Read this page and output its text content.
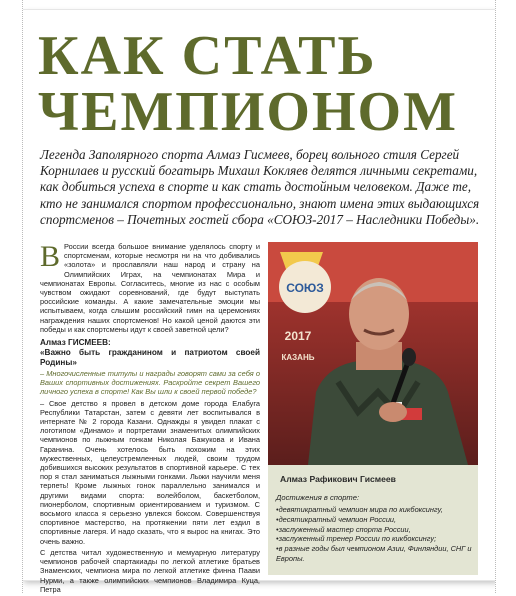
КАК СТАТЬ
ЧЕМПИОНОМ

Легенда Заполярного спорта Алмаз Гисмеев, борец вольного стиля Сергей Корнилаев и русский богатырь Михаил Кокляев делятся личными секретами, как добиться успеха в спорте и как стать достойным человеком. Даже те, кто не занимался спортом профессионально, знают имена этих выдающихся спортсменов – Почетных гостей сбора «СОЮЗ-2017 – Наследники Победы».

В России всегда большое внимание уделялось спорту и спортсменам, которые несмотря ни на что добивались «золота» и прославляли наш народ и страну на Олимпийских Играх, на чемпионатах Мира и чемпионатах Европы. Согласитесь, многие из нас с особым чувством ожидают соревнований, где будут выступать российские команды. А какие замечательные эмоции мы испытываем, когда слышим российский гимн на церемониях награждения наших спортсменов! Но какой ценой даются эти победы и как спортсмены идут к своей заветной цели?

Алмаз ГИСМЕЕВ:
«Важно быть гражданином и патриотом своей Родины»

– Многочисленные титулы и награды говорят сами за себя о Ваших спортивных достижениях. Раскройте секрет Вашего личного успеха в спорте! Как Вы шли к своей первой победе?

– Свое детство я провел в детском доме города Елабуга Республики Татарстан, затем с девяти лет воспитывался в интернате № 2 города Казани. Однажды я увидел плакат с логотипом «Динамо» и портретами знаменитых олимпийских чемпионов по лыжным гонкам Николая Бажукова и Ивана Гаранина. Очень хотелось быть похожим на этих мужественных, целеустремленных людей, своим трудом добившихся высоких результатов в спортивной карьере. С тех пор я стал заниматься лыжными гонками. Лыжи научили меня терпеть! Кроме лыжных гонок параллельно занимался и другими видами спорта: волейболом, баскетболом, пионерболом, спортивным ориентированием и туризмом. С восьмого класса я серьезно увлекся боксом. Совершенствуя спортивное мастерство, на протяжении пяти лет ездил в спортивные лагеря. И надо сказать, что я вырос на книгах. Это очень важно.

С детства читал художественную и мемуарную литературу чемпионов рабочей спартакиады по легкой атлетике братьев Знаменских, чемпиона мира по легкой атлетике финна Паави Нурми, а также олимпийских чемпионов Владимира Куца, Петра

СОЮЗ
2017
КАЗАНЬ

Алмаз Рафикович Гисмеев

Достижения в спорте:

• девятикратный чемпион мира по кикбоксингу,
• десятикратный чемпион России,
• заслуженный мастер спорта России,
• заслуженный тренер России по кикбоксингу;
• в разные годы был чемпионом Азии, Финляндии, СНГ и Европы.
